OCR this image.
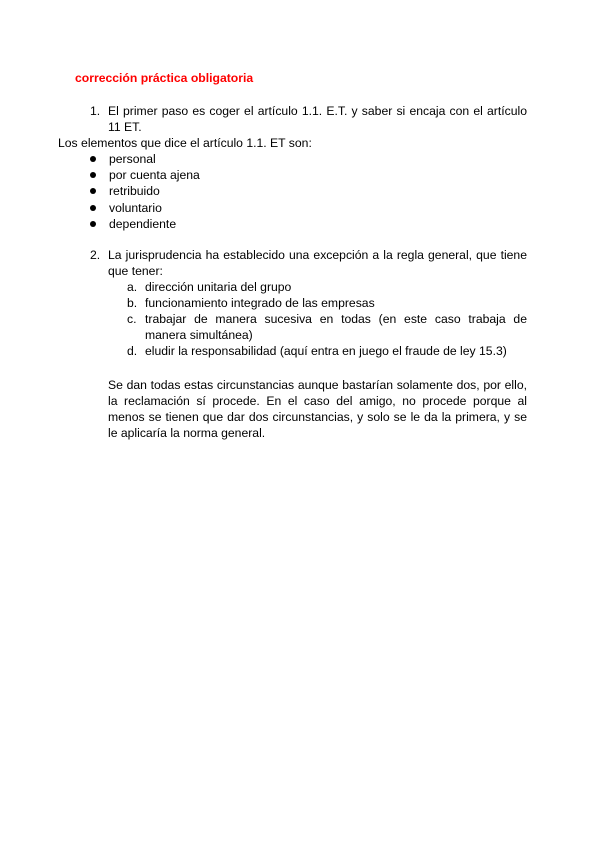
corrección práctica obligatoria
1. El primer paso es coger el artículo 1.1. E.T. y saber si encaja con el artículo 11 ET.
Los elementos que dice el artículo 1.1. ET son:
personal
por cuenta ajena
retribuido
voluntario
dependiente
2. La jurisprudencia ha establecido una excepción a la regla general, que tiene que tener:
a. dirección unitaria del grupo
b. funcionamiento integrado de las empresas
c. trabajar de manera sucesiva en todas (en este caso trabaja de manera simultánea)
d. eludir la responsabilidad (aquí entra en juego el fraude de ley 15.3)
Se dan todas estas circunstancias aunque bastarían solamente dos, por ello, la reclamación sí procede. En el caso del amigo, no procede porque al menos se tienen que dar dos circunstancias, y solo se le da la primera, y se le aplicaría la norma general.
